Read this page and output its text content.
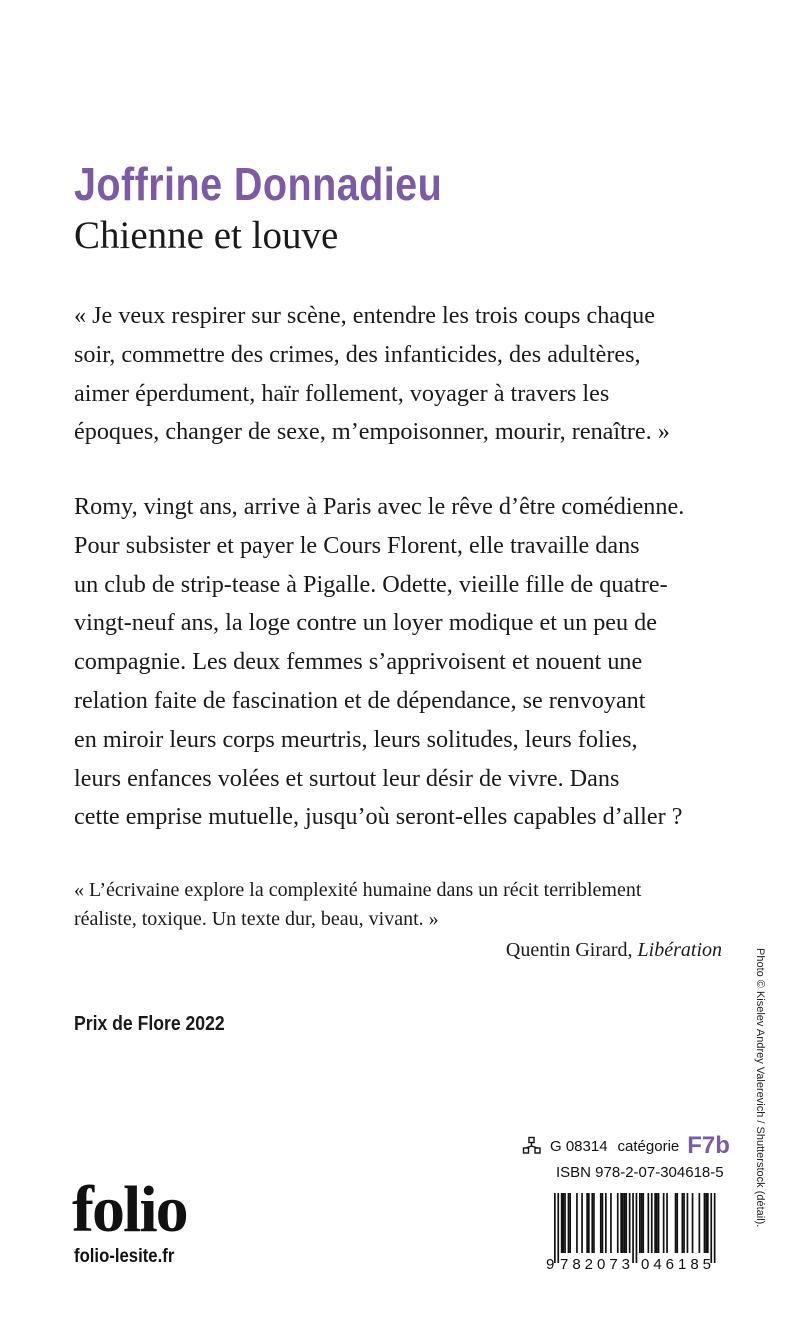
Joffrine Donnadieu
Chienne et louve
« Je veux respirer sur scène, entendre les trois coups chaque
soir, commettre des crimes, des infanticides, des adultères,
aimer éperdument, haïr follement, voyager à travers les
époques, changer de sexe, m’empoisonner, mourir, renaître. »
Romy, vingt ans, arrive à Paris avec le rêve d’être comédienne.
Pour subsister et payer le Cours Florent, elle travaille dans
un club de strip-tease à Pigalle. Odette, vieille fille de quatre-
vingt-neuf ans, la loge contre un loyer modique et un peu de
compagnie. Les deux femmes s’apprivoisent et nouent une
relation faite de fascination et de dépendance, se renvoyant
en miroir leurs corps meurtris, leurs solitudes, leurs folies,
leurs enfances volées et surtout leur désir de vivre. Dans
cette emprise mutuelle, jusqu’où seront-elles capables d’aller ?
« L’écrivaine explore la complexité humaine dans un récit terriblement
réaliste, toxique. Un texte dur, beau, vivant. »
Quentin Girard, Libération
Prix de Flore 2022
folio
folio-lesite.fr
G 08314 catégorie F7b
ISBN 978-2-07-304618-5
9 782073 046185
Photo © Kiselev Andrey Valerevich / Shutterstock (détail).
